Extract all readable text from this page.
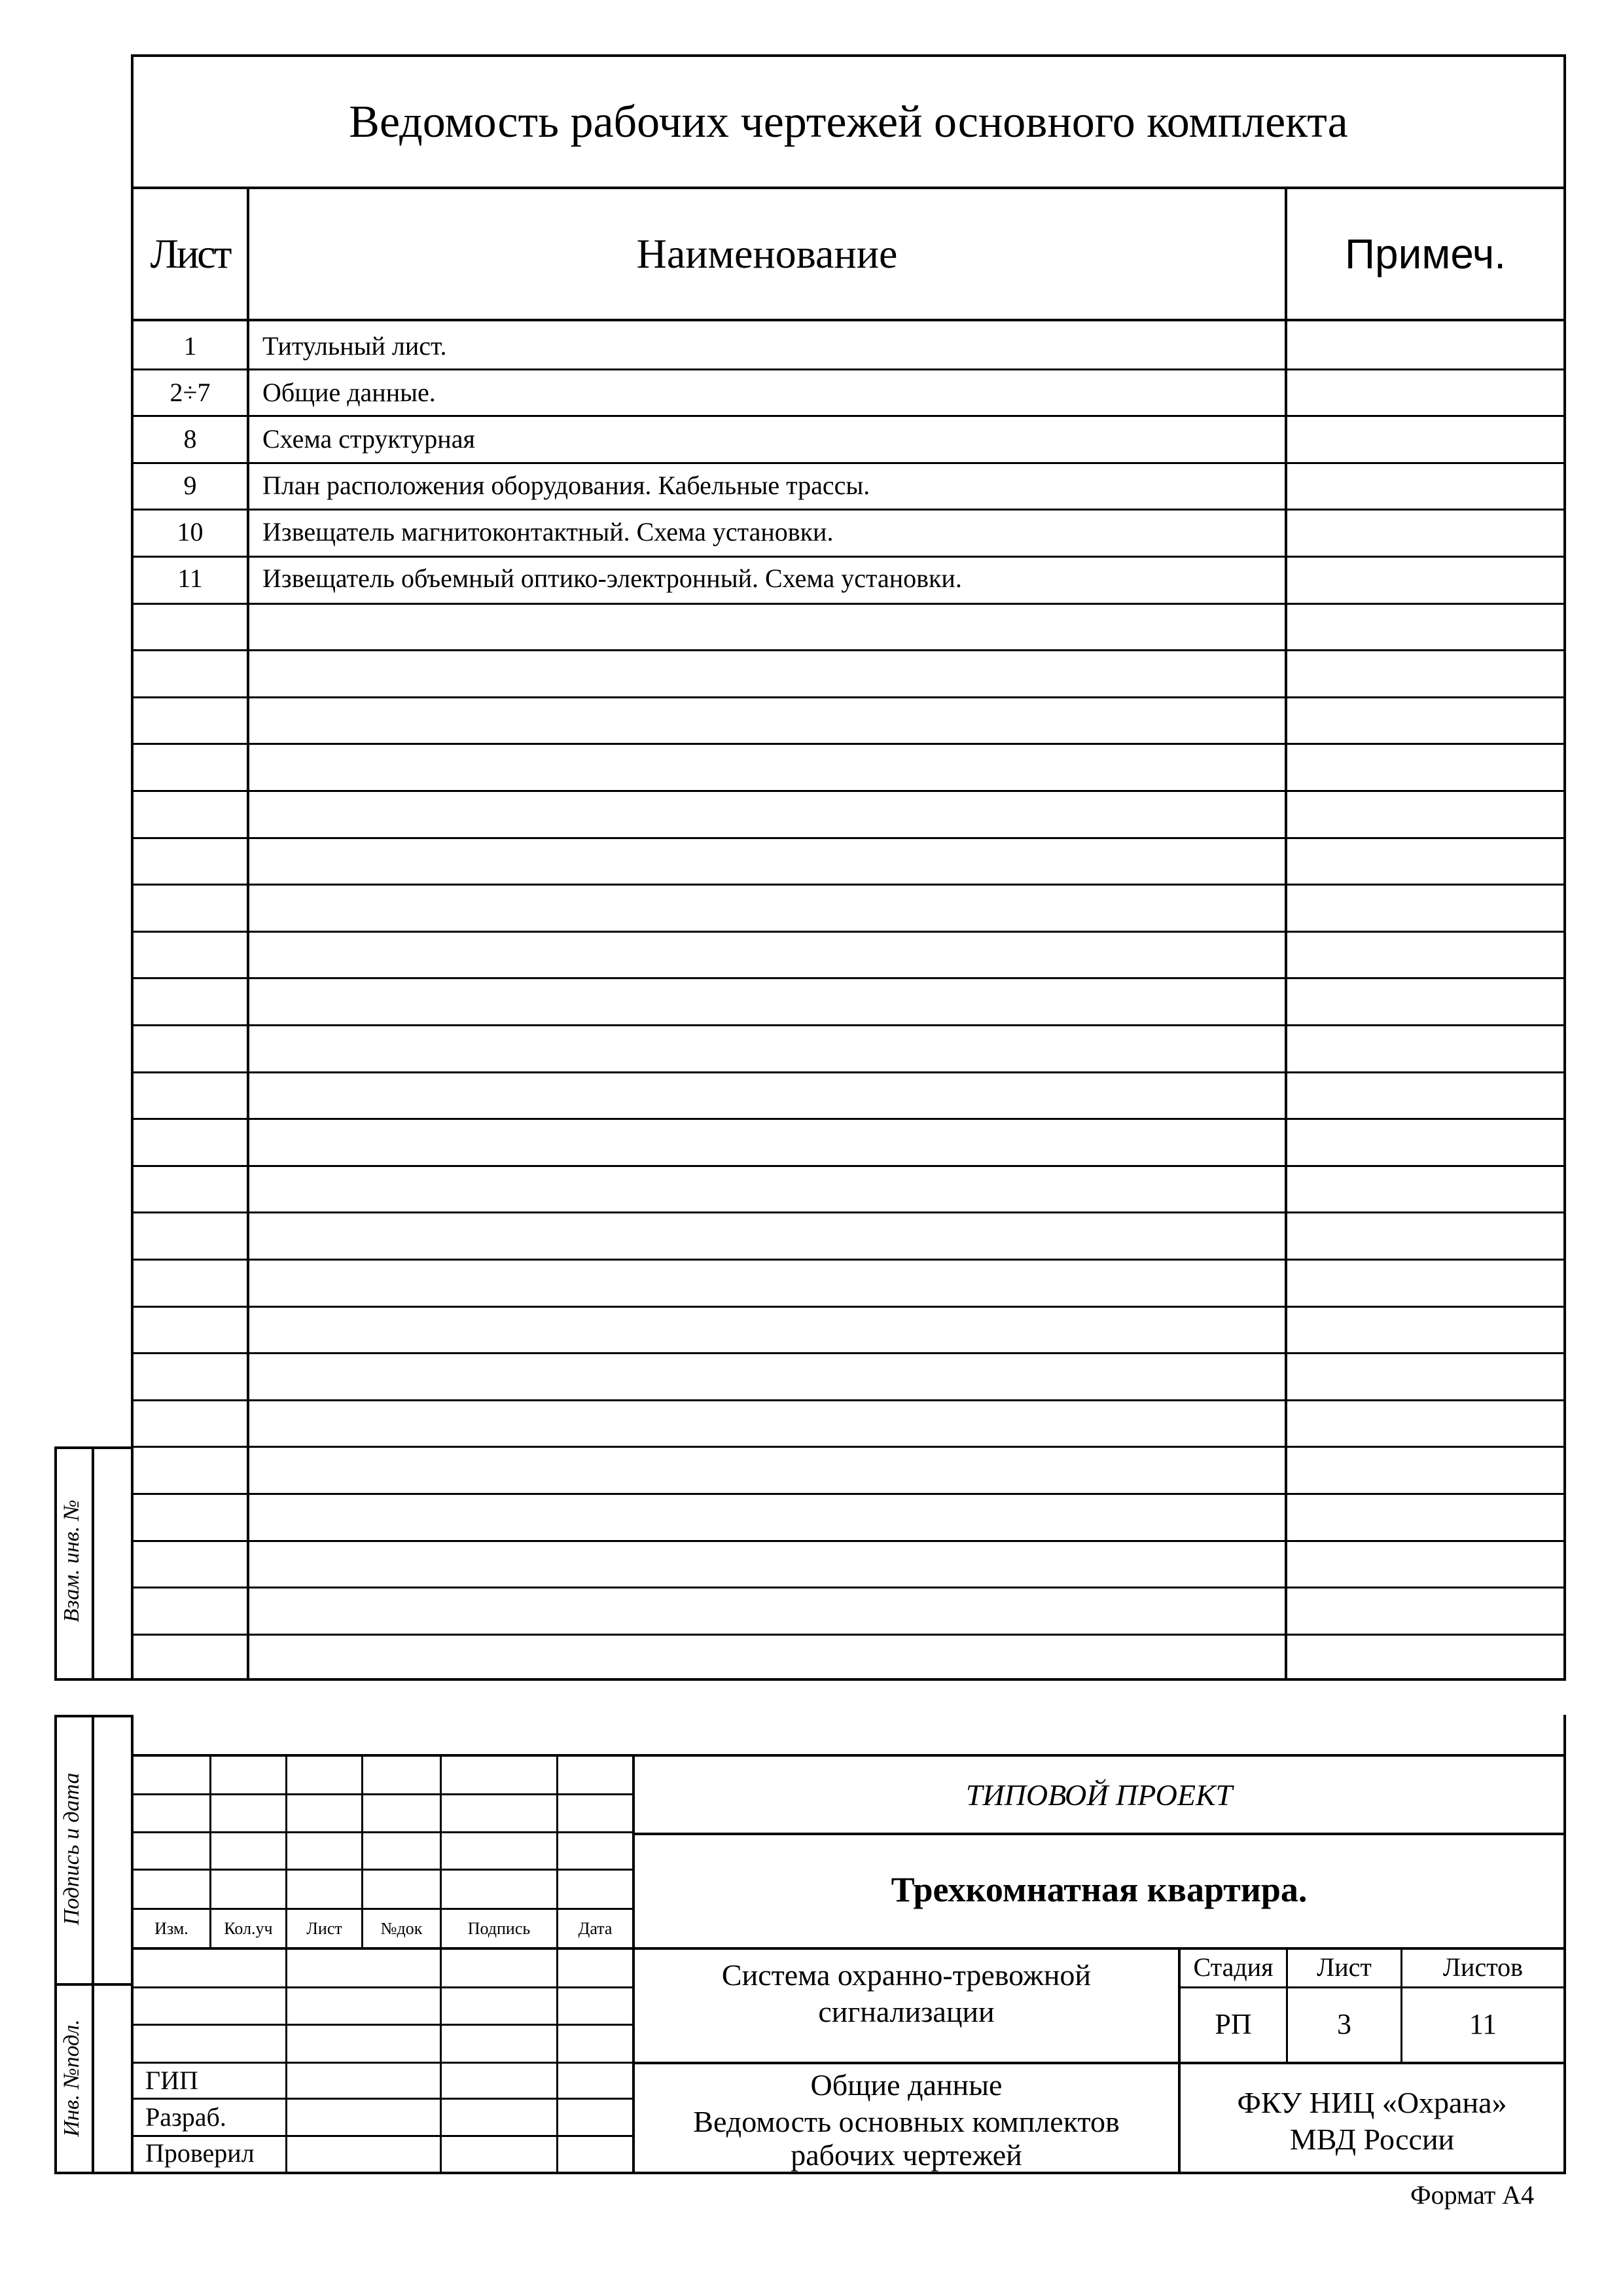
Ведомость рабочих чертежей основного комплекта
Лист	Наименование	Примеч.
1	Титульный лист.
2÷7	Общие данные.
8	Схема структурная
9	План расположения оборудования. Кабельные трассы.
10	Извещатель магнитоконтактный. Схема установки.
11	Извещатель объемный оптико-электронный. Схема установки.
Взам. инв. №
Подпись и дата
Инв. №подл.
Изм.	Кол.уч	Лист	№док	Подпись	Дата
ГИП
Разраб.
Проверил
ТИПОВОЙ ПРОЕКТ
Трехкомнатная квартира.
Система охранно-тревожной
сигнализации
Общие данные
Ведомость основных комплектов
рабочих чертежей
Стадия	Лист	Листов
РП	3	11
ФКУ НИЦ «Охрана»
МВД России
Формат А4
